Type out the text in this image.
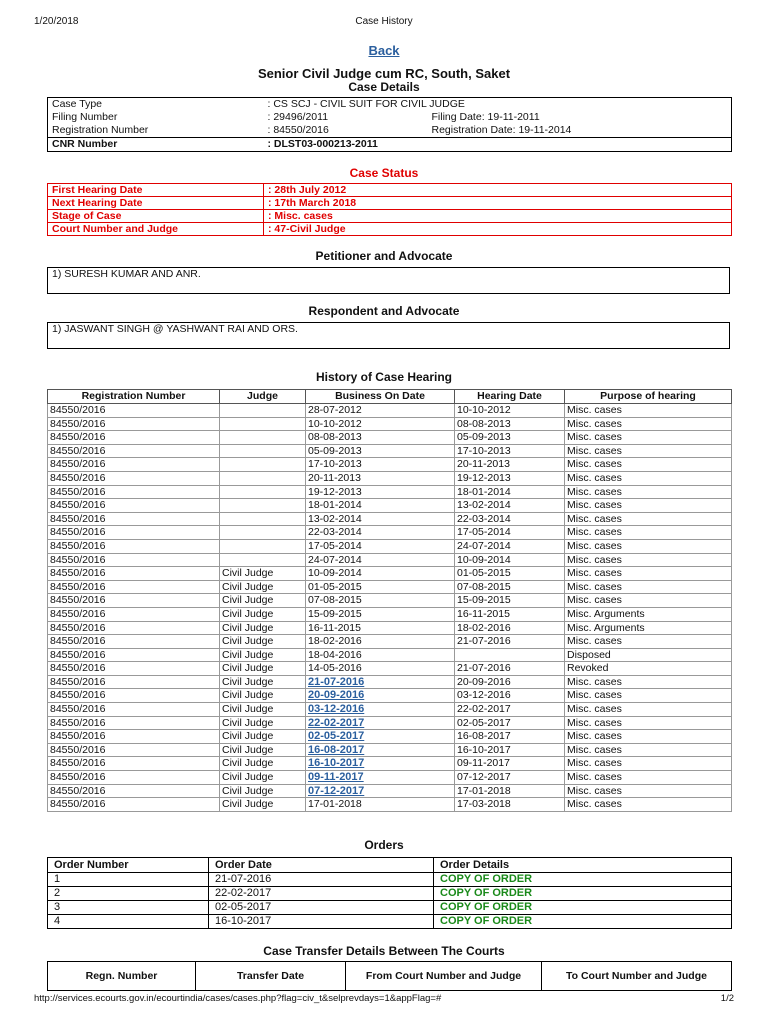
1/20/2018	Case History
Back
Senior Civil Judge cum RC, South, Saket
Case Details
Case Type	: CS SCJ - CIVIL SUIT FOR CIVIL JUDGE	
Filing Number	: 29496/2011	Filing Date: 19-11-2011
Registration Number	: 84550/2016	Registration Date: 19-11-2014
CNR Number	: DLST03-000213-2011	
Case Status
First Hearing Date	: 28th July 2012
Next Hearing Date	: 17th March 2018
Stage of Case	: Misc. cases
Court Number and Judge	: 47-Civil Judge
Petitioner and Advocate
1) SURESH KUMAR AND ANR.
Respondent and Advocate
1) JASWANT SINGH @ YASHWANT RAI AND ORS.
History of Case Hearing
Registration Number	Judge	Business On Date	Hearing Date	Purpose of hearing
84550/2016		28-07-2012	10-10-2012	Misc. cases
84550/2016		10-10-2012	08-08-2013	Misc. cases
84550/2016		08-08-2013	05-09-2013	Misc. cases
84550/2016		05-09-2013	17-10-2013	Misc. cases
84550/2016		17-10-2013	20-11-2013	Misc. cases
84550/2016		20-11-2013	19-12-2013	Misc. cases
84550/2016		19-12-2013	18-01-2014	Misc. cases
84550/2016		18-01-2014	13-02-2014	Misc. cases
84550/2016		13-02-2014	22-03-2014	Misc. cases
84550/2016		22-03-2014	17-05-2014	Misc. cases
84550/2016		17-05-2014	24-07-2014	Misc. cases
84550/2016		24-07-2014	10-09-2014	Misc. cases
84550/2016	Civil Judge	10-09-2014	01-05-2015	Misc. cases
84550/2016	Civil Judge	01-05-2015	07-08-2015	Misc. cases
84550/2016	Civil Judge	07-08-2015	15-09-2015	Misc. cases
84550/2016	Civil Judge	15-09-2015	16-11-2015	Misc. Arguments
84550/2016	Civil Judge	16-11-2015	18-02-2016	Misc. Arguments
84550/2016	Civil Judge	18-02-2016	21-07-2016	Misc. cases
84550/2016	Civil Judge	18-04-2016		Disposed
84550/2016	Civil Judge	14-05-2016	21-07-2016	Revoked
84550/2016	Civil Judge	21-07-2016	20-09-2016	Misc. cases
84550/2016	Civil Judge	20-09-2016	03-12-2016	Misc. cases
84550/2016	Civil Judge	03-12-2016	22-02-2017	Misc. cases
84550/2016	Civil Judge	22-02-2017	02-05-2017	Misc. cases
84550/2016	Civil Judge	02-05-2017	16-08-2017	Misc. cases
84550/2016	Civil Judge	16-08-2017	16-10-2017	Misc. cases
84550/2016	Civil Judge	16-10-2017	09-11-2017	Misc. cases
84550/2016	Civil Judge	09-11-2017	07-12-2017	Misc. cases
84550/2016	Civil Judge	07-12-2017	17-01-2018	Misc. cases
84550/2016	Civil Judge	17-01-2018	17-03-2018	Misc. cases
Orders
Order Number	Order Date	Order Details
1	21-07-2016	COPY OF ORDER
2	22-02-2017	COPY OF ORDER
3	02-05-2017	COPY OF ORDER
4	16-10-2017	COPY OF ORDER
Case Transfer Details Between The Courts
Regn. Number	Transfer Date	From Court Number and Judge	To Court Number and Judge
http://services.ecourts.gov.in/ecourtindia/cases/cases.php?flag=civ_t&selprevdays=1&appFlag=#	1/2
